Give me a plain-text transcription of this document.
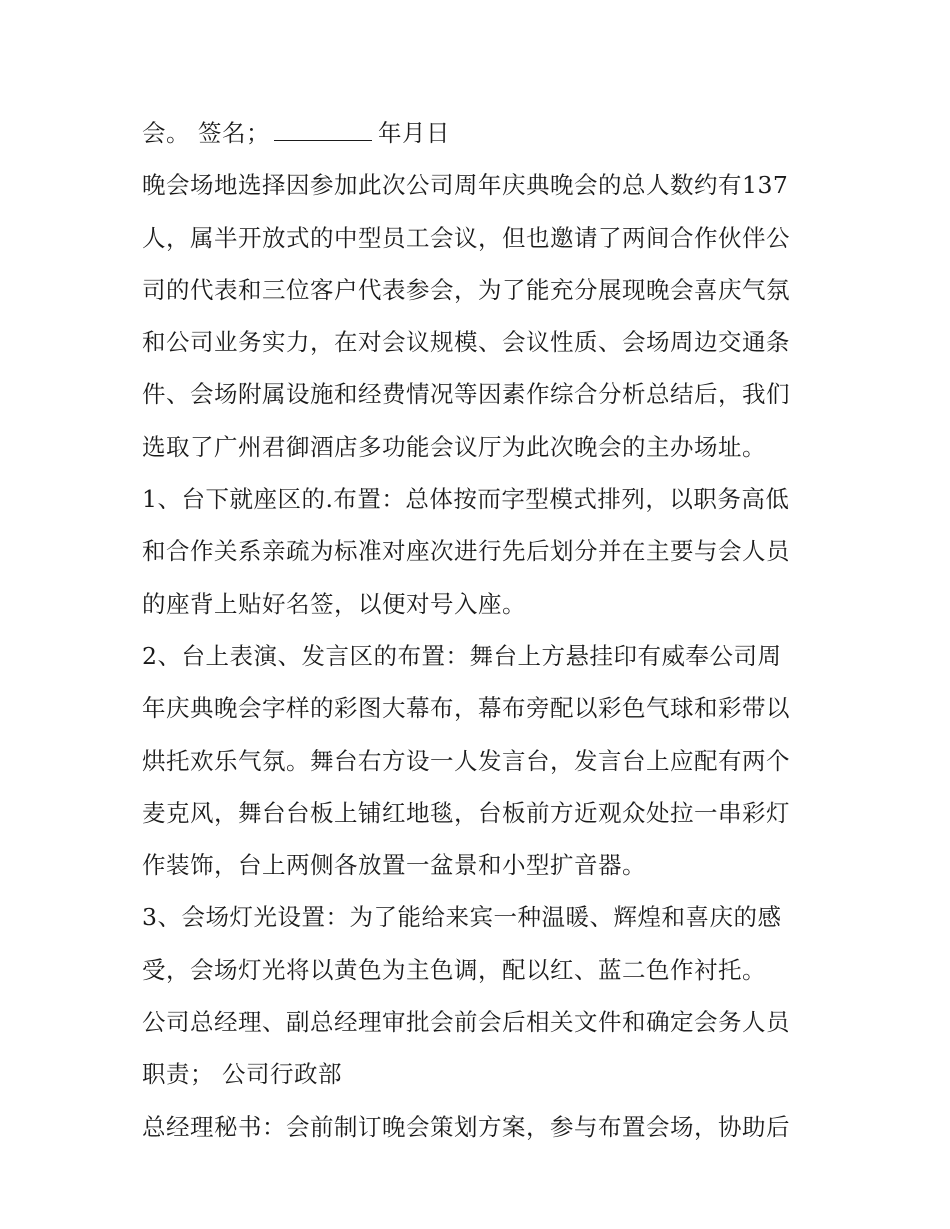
会。 签名；	年月日
晚会场地选择因参加此次公司周年庆典晚会的总人数约有137
人，属半开放式的中型员工会议，但也邀请了两间合作伙伴公
司的代表和三位客户代表参会，为了能充分展现晚会喜庆气氛
和公司业务实力，在对会议规模、会议性质、会场周边交通条
件、会场附属设施和经费情况等因素作综合分析总结后，我们
选取了广州君御酒店多功能会议厅为此次晚会的主办场址。
1、台下就座区的.布置：总体按而字型模式排列，以职务高低
和合作关系亲疏为标准对座次进行先后划分并在主要与会人员
的座背上贴好名签，以便对号入座。
2、台上表演、发言区的布置：舞台上方悬挂印有威奉公司周
年庆典晚会字样的彩图大幕布，幕布旁配以彩色气球和彩带以
烘托欢乐气氛。舞台右方设一人发言台，发言台上应配有两个
麦克风，舞台台板上铺红地毯，台板前方近观众处拉一串彩灯
作装饰，台上两侧各放置一盆景和小型扩音器。
3、会场灯光设置：为了能给来宾一种温暖、辉煌和喜庆的感
受，会场灯光将以黄色为主色调，配以红、蓝二色作衬托。
公司总经理、副总经理审批会前会后相关文件和确定会务人员
职责； 公司行政部
总经理秘书：会前制订晚会策划方案，参与布置会场，协助后
